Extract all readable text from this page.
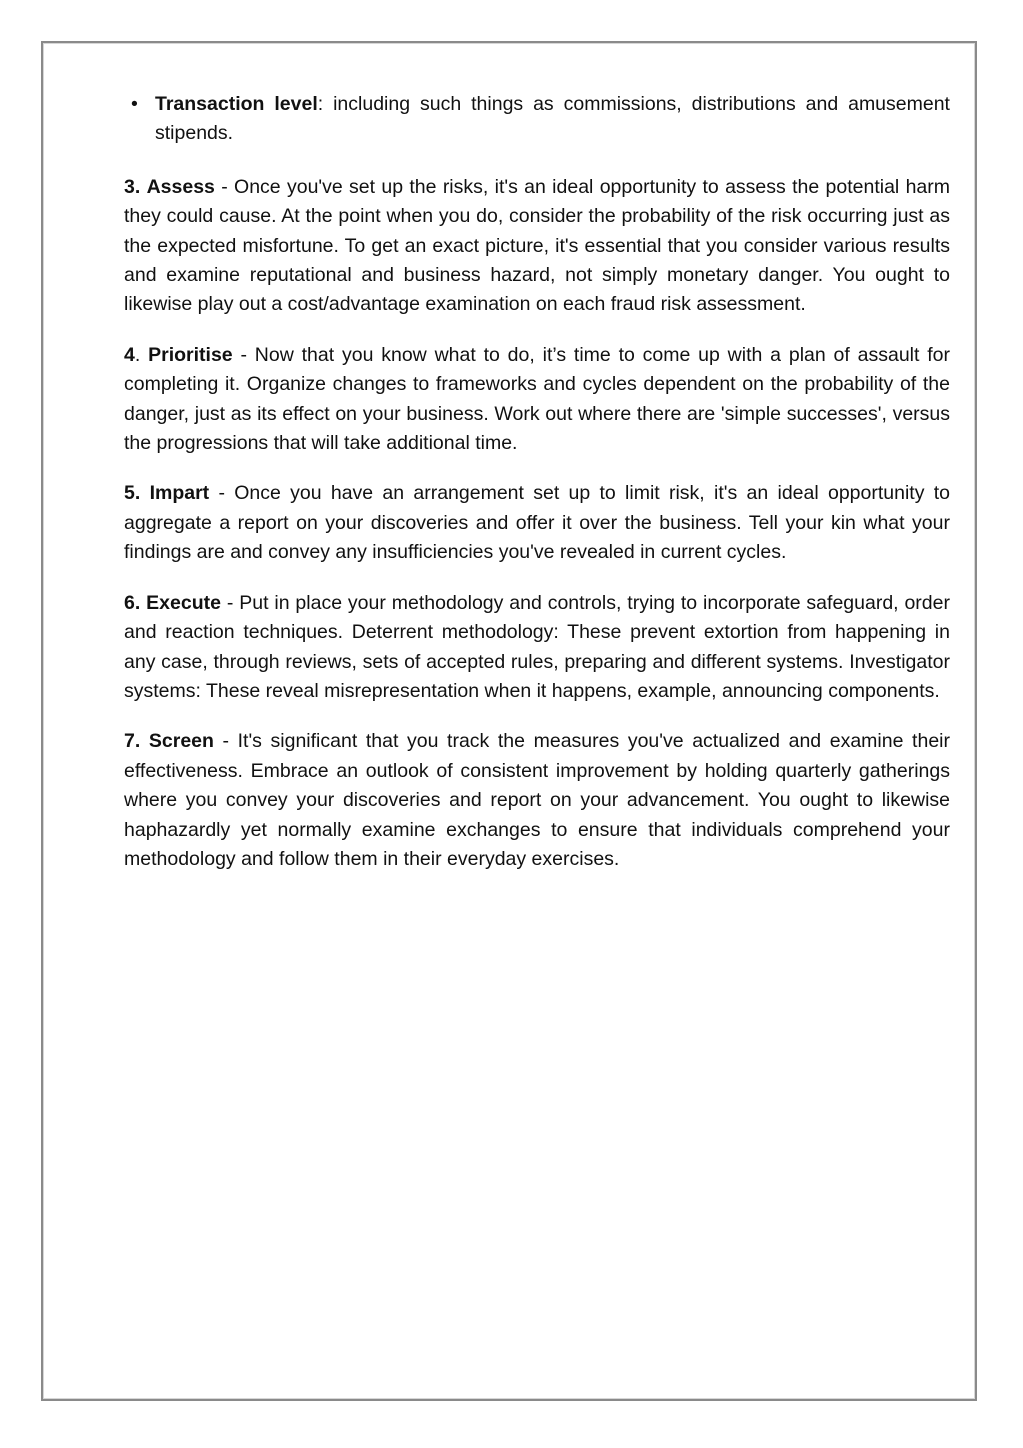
• Transaction level: including such things as commissions, distributions and amusement stipends.

3. Assess - Once you've set up the risks, it's an ideal opportunity to assess the potential harm they could cause. At the point when you do, consider the probability of the risk occurring just as the expected misfortune. To get an exact picture, it's essential that you consider various results and examine reputational and business hazard, not simply monetary danger. You ought to likewise play out a cost/advantage examination on each fraud risk assessment.

4. Prioritise - Now that you know what to do, it’s time to come up with a plan of assault for completing it. Organize changes to frameworks and cycles dependent on the probability of the danger, just as its effect on your business. Work out where there are 'simple successes', versus the progressions that will take additional time.

5. Impart - Once you have an arrangement set up to limit risk, it's an ideal opportunity to aggregate a report on your discoveries and offer it over the business. Tell your kin what your findings are and convey any insufficiencies you've revealed in current cycles.

6. Execute - Put in place your methodology and controls, trying to incorporate safeguard, order and reaction techniques. Deterrent methodology: These prevent extortion from happening in any case, through reviews, sets of accepted rules, preparing and different systems. Investigator systems: These reveal misrepresentation when it happens, example, announcing components.

7. Screen - It's significant that you track the measures you've actualized and examine their effectiveness. Embrace an outlook of consistent improvement by holding quarterly gatherings where you convey your discoveries and report on your advancement. You ought to likewise haphazardly yet normally examine exchanges to ensure that individuals comprehend your methodology and follow them in their everyday exercises.
